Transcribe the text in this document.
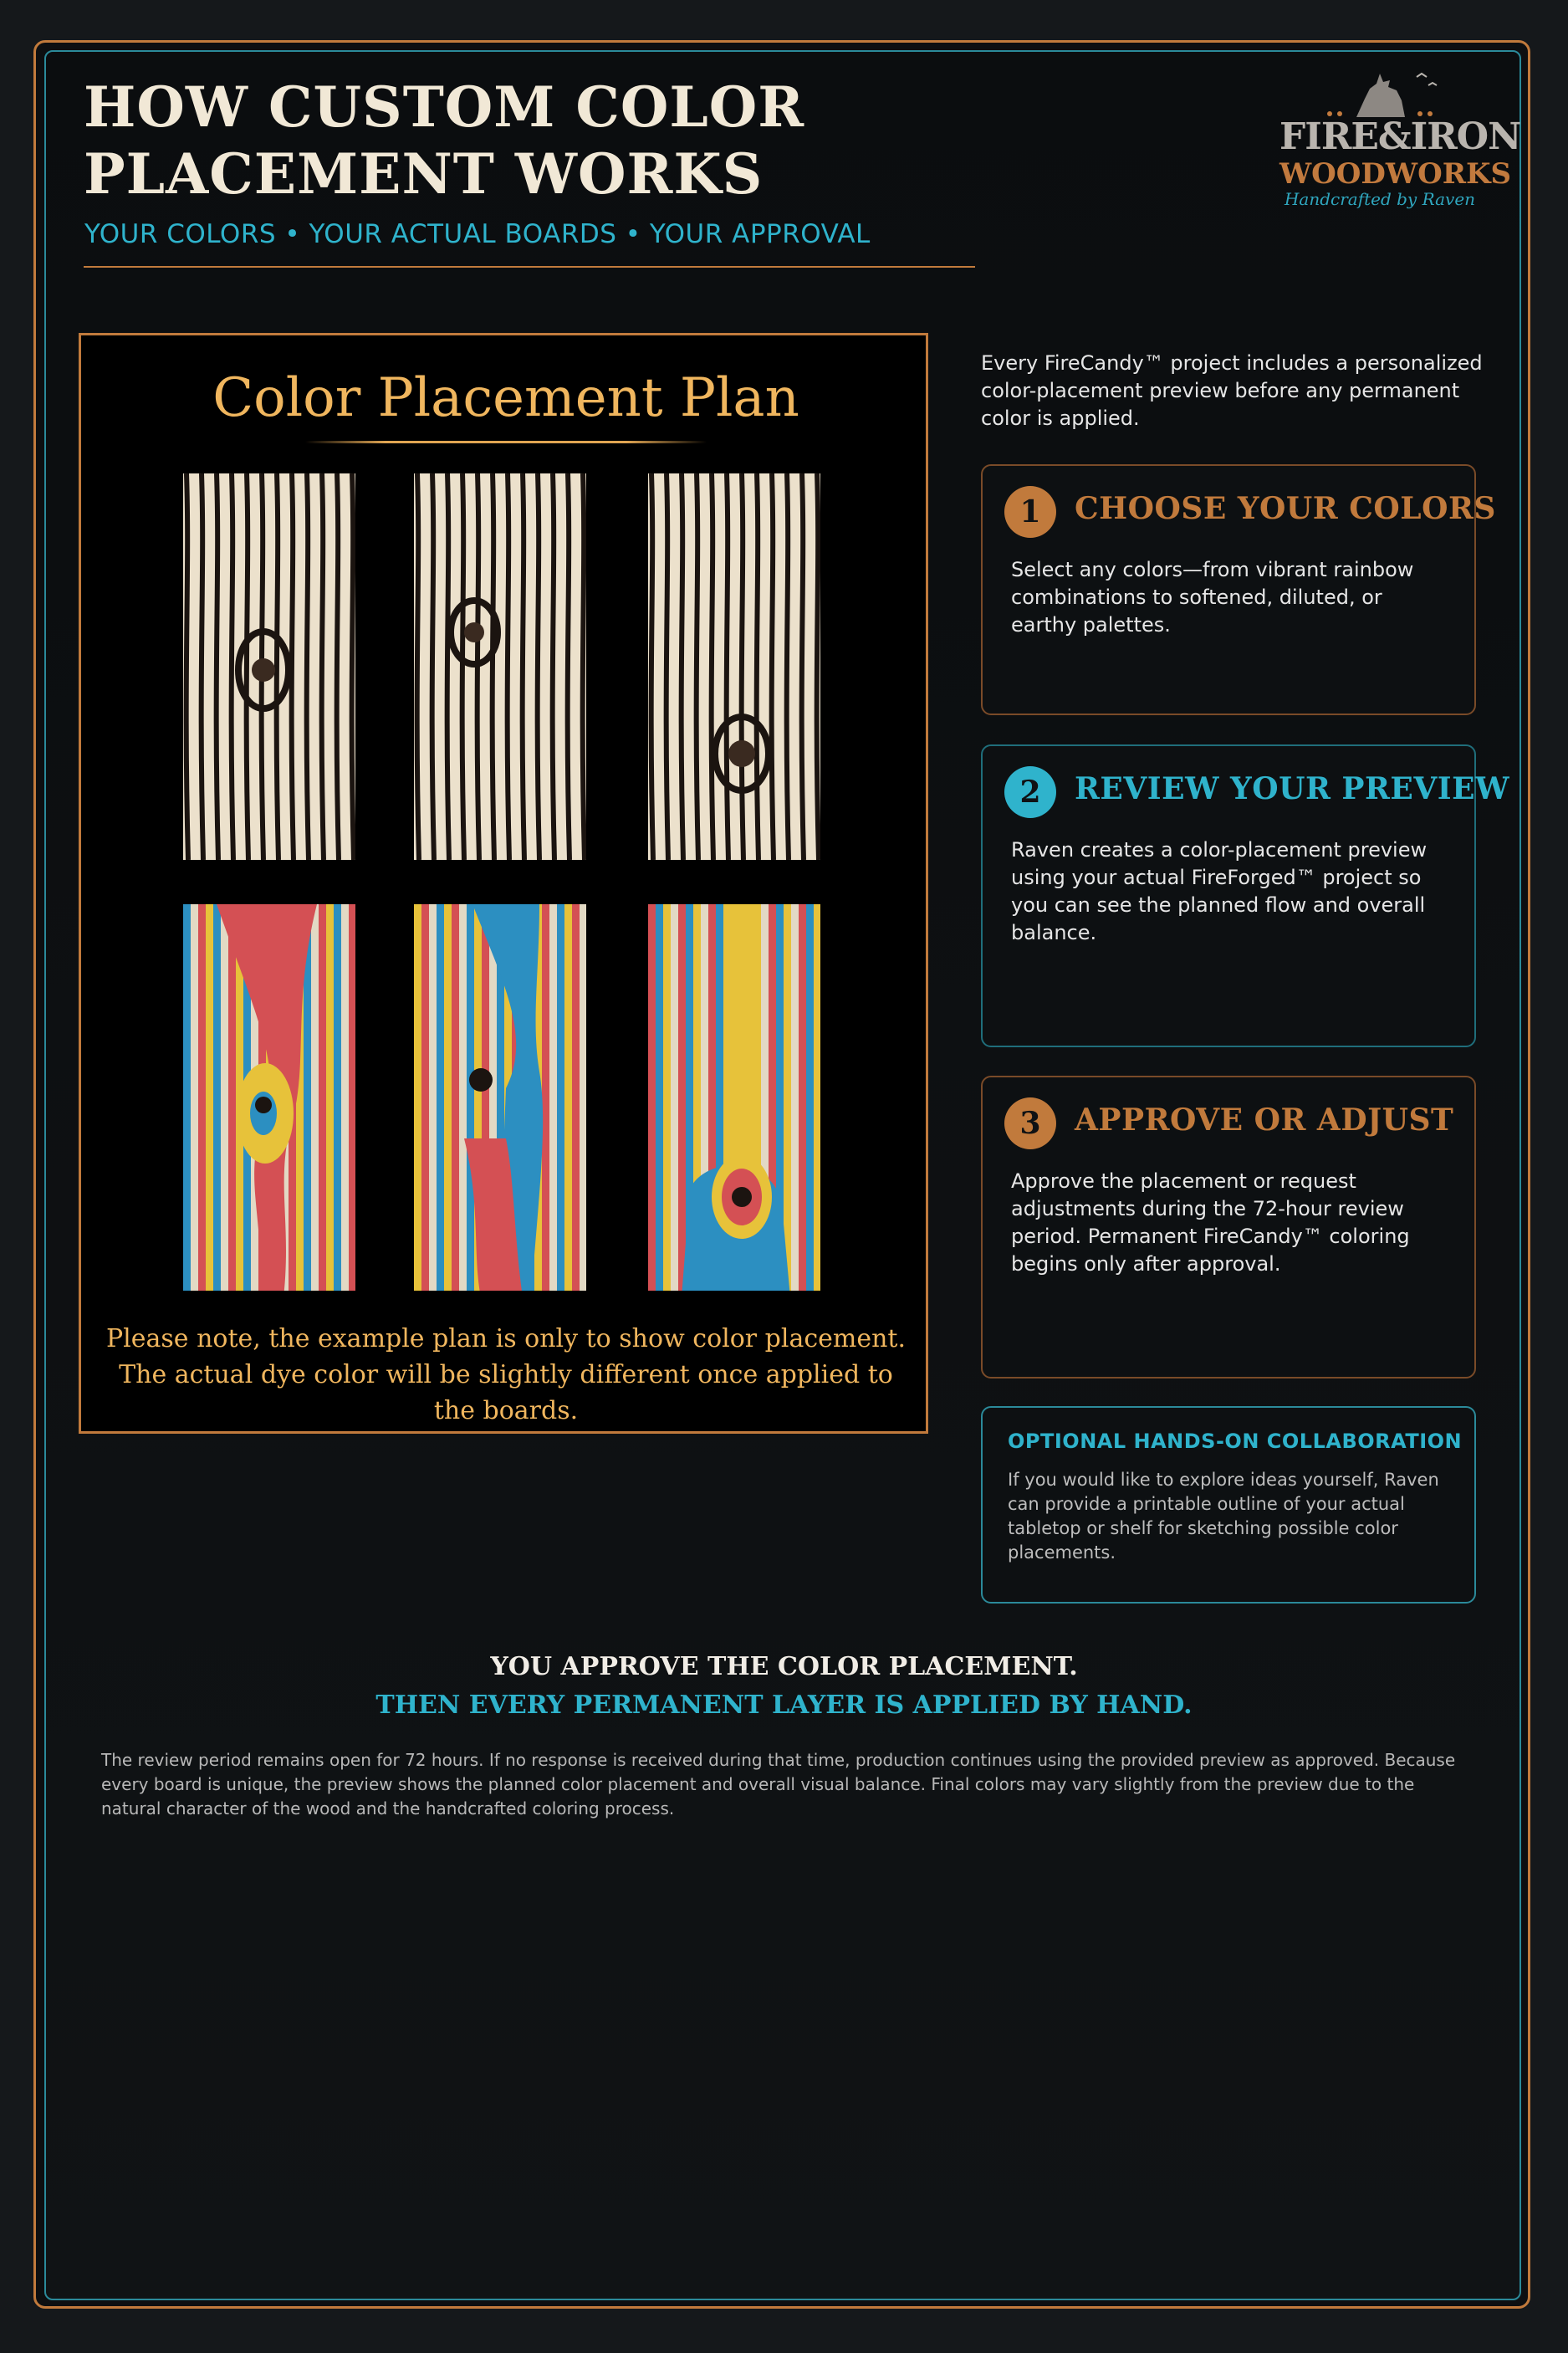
HOW CUSTOM COLOR PLACEMENT WORKS
YOUR COLORS • YOUR ACTUAL BOARDS • YOUR APPROVAL
FIRE&IRON
WOODWORKS
Handcrafted by Raven
Color Placement Plan
Please note, the example plan is only to show color placement. The actual dye color will be slightly different once applied to the boards.
Every FireCandy™ project includes a personalized color-placement preview before any permanent color is applied.
1	CHOOSE YOUR COLORS
Select any colors—from vibrant rainbow combinations to softened, diluted, or earthy palettes.
2	REVIEW YOUR PREVIEW
Raven creates a color-placement preview using your actual FireForged™ project so you can see the planned flow and overall balance.
3	APPROVE OR ADJUST
Approve the placement or request adjustments during the 72-hour review period. Permanent FireCandy™ coloring begins only after approval.
OPTIONAL HANDS-ON COLLABORATION
If you would like to explore ideas yourself, Raven can provide a printable outline of your actual tabletop or shelf for sketching possible color placements.
YOU APPROVE THE COLOR PLACEMENT.
THEN EVERY PERMANENT LAYER IS APPLIED BY HAND.
The review period remains open for 72 hours. If no response is received during that time, production continues using the provided preview as approved. Because every board is unique, the preview shows the planned color placement and overall visual balance. Final colors may vary slightly from the preview due to the natural character of the wood and the handcrafted coloring process.
